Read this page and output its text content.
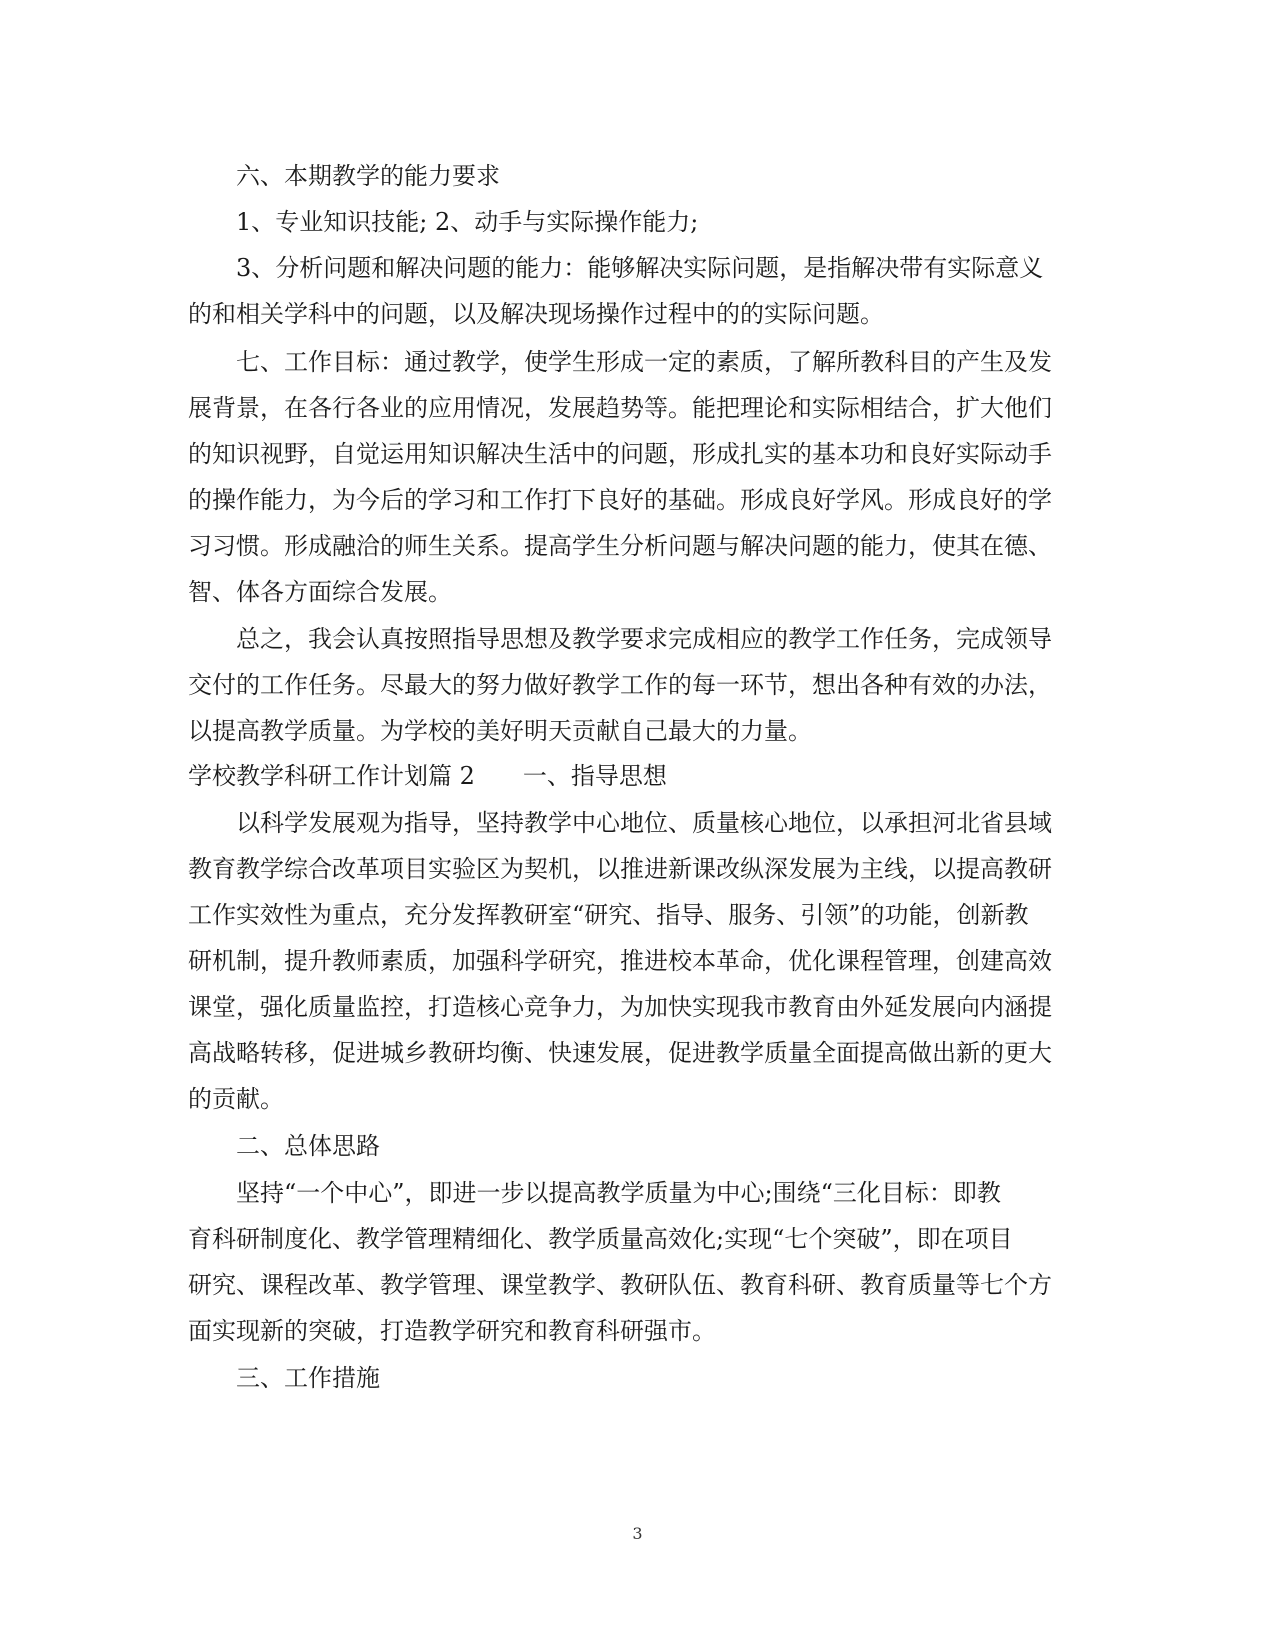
六、本期教学的能力要求
1、专业知识技能; 2、动手与实际操作能力;
3、分析问题和解决问题的能力：能够解决实际问题，是指解决带有实际意义
的和相关学科中的问题，以及解决现场操作过程中的的实际问题。
七、工作目标：通过教学，使学生形成一定的素质，了解所教科目的产生及发
展背景，在各行各业的应用情况，发展趋势等。能把理论和实际相结合，扩大他们
的知识视野，自觉运用知识解决生活中的问题，形成扎实的基本功和良好实际动手
的操作能力，为今后的学习和工作打下良好的基础。形成良好学风。形成良好的学
习习惯。形成融洽的师生关系。提高学生分析问题与解决问题的能力，使其在德、
智、体各方面综合发展。
总之，我会认真按照指导思想及教学要求完成相应的教学工作任务，完成领导
交付的工作任务。尽最大的努力做好教学工作的每一环节，想出各种有效的办法，
以提高教学质量。为学校的美好明天贡献自己最大的力量。
学校教学科研工作计划篇 2　　一、指导思想
以科学发展观为指导，坚持教学中心地位、质量核心地位，以承担河北省县域
教育教学综合改革项目实验区为契机，以推进新课改纵深发展为主线，以提高教研
工作实效性为重点，充分发挥教研室“研究、指导、服务、引领”的功能，创新教
研机制，提升教师素质，加强科学研究，推进校本革命，优化课程管理，创建高效
课堂，强化质量监控，打造核心竞争力，为加快实现我市教育由外延发展向内涵提
高战略转移，促进城乡教研均衡、快速发展，促进教学质量全面提高做出新的更大
的贡献。
二、总体思路
坚持“一个中心”，即进一步以提高教学质量为中心;围绕“三化目标：即教
育科研制度化、教学管理精细化、教学质量高效化;实现“七个突破”，即在项目
研究、课程改革、教学管理、课堂教学、教研队伍、教育科研、教育质量等七个方
面实现新的突破，打造教学研究和教育科研强市。
三、工作措施
3
